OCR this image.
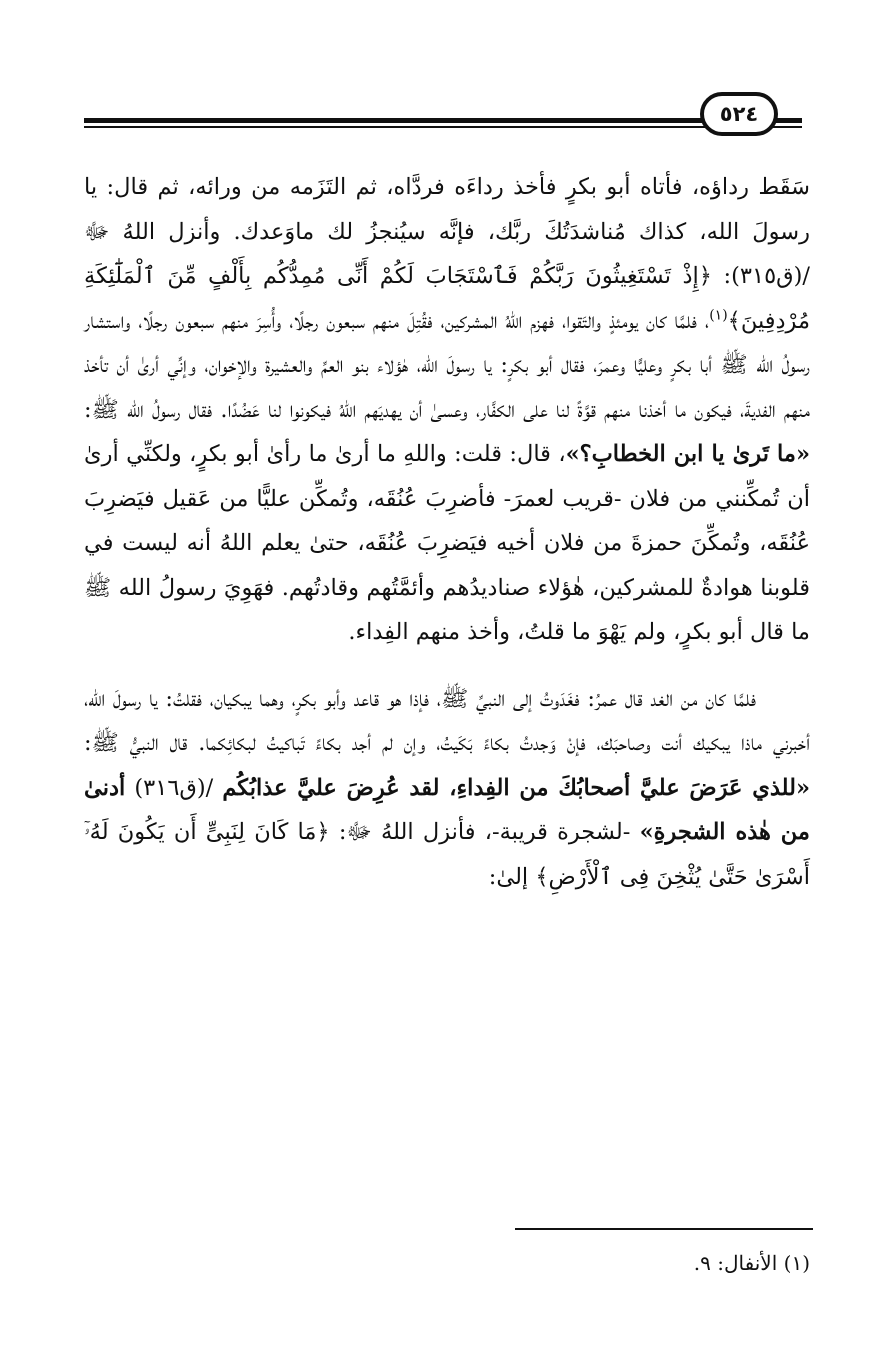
٥٢٤

سَقَط رداؤه، فأتاه أبو بكرٍ فأخذ رداءَه فردَّاه، ثم التَزَمه من ورائه، ثم قال: يا رسولَ الله، كذاك مُناشدَتُكَ ربَّك، فإنَّه سيُنجزُ لك ماوَعدك. وأنزل اللهُ ﷻ /(ق٣١٥): ﴿إِذْ تَسْتَغِيثُونَ رَبَّكُمْ فَٱسْتَجَابَ لَكُمْ أَنِّى مُمِدُّكُم بِأَلْفٍ مِّنَ ٱلْمَلَٰٓئِكَةِ مُرْدِفِينَ﴾$^{(١)}$، فلمَّا كان يومئذٍ والتَقوا، فهزم اللهُ المشركين، فقُتِلَ منهم سبعون رجلًا، وأُسِرَ منهم سبعون رجلًا، واستشار رسولُ الله ﷺ أبا بكرٍ وعليًّا وعمرَ، فقال أبو بكرٍ: يا رسولَ الله، هٰؤلاء بنو العمِّ والعشيرة والإخوان، وإنِّي أرىٰ أن تأخذ منهم الفديةَ، فيكون ما أخذنا منهم قوَّةً لنا على الكفَّار، وعسىٰ أن يهديَهم اللهُ فيكونوا لنا عَضُدًا. فقال رسولُ الله ﷺ: «ما تَرىٰ يا ابن الخطابِ؟»، قال: قلت: واللهِ ما أرىٰ ما رأىٰ أبو بكرٍ، ولكنِّي أرىٰ أن تُمكِّنني من فلان -قريب لعمرَ- فأضرِبَ عُنُقَه، وتُمكِّن عليًّا من عَقيل فيَضرِبَ عُنُقَه، وتُمكِّنَ حمزةَ من فلان أخيه فيَضرِبَ عُنُقَه، حتىٰ يعلم اللهُ أنه ليست في قلوبنا هوادةٌ للمشركين، هٰؤلاء صناديدُهم وأئمَّتُهم وقادتُهم. فهَوِيَ رسولُ الله ﷺ ما قال أبو بكرٍ، ولم يَهْوَ ما قلتُ، وأخذ منهم الفِداء.

فلمَّا كان من الغد قال عمرُ: فغَدَوتُ إلى النبيِّ ﷺ، فإذا هو قاعد وأبو بكرٍ، وهما يبكيان، فقلتُ: يا رسولَ الله، أخبرني ماذا يبكيك أنت وصاحبَك، فإنْ وَجدتُ بكاءً بَكَيتُ، وإن لم أجد بكاءً تَباكيتُ لبكائِكما. قال النبيُّ ﷺ: «للذي عَرَضَ عليَّ أصحابُكَ من الفِداءِ، لقد عُرِضَ عليَّ عذابُكُم /(ق٣١٦) أدنىٰ من هٰذه الشجرةِ» -لشجرة قريبة-، فأنزل اللهُ ﷻ: ﴿مَا كَانَ لِنَبِىٍّ أَن يَكُونَ لَهُۥٓ أَسْرَىٰ حَتَّىٰ يُثْخِنَ فِى ٱلْأَرْضِ﴾ إلىٰ:

(١) الأنفال: ٩.
